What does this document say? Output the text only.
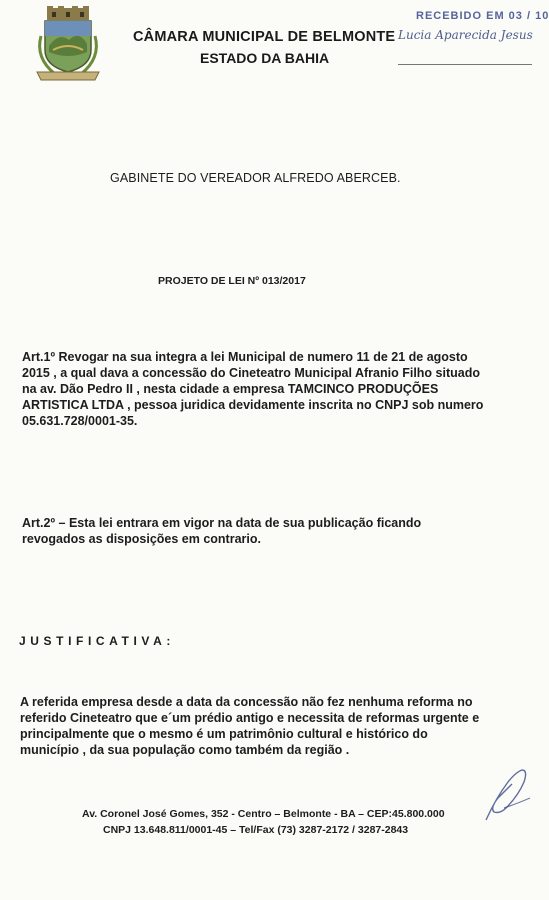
CÂMARA MUNICIPAL DE BELMONTE
ESTADO DA BAHIA
RECEBIDO EM 03 / 10
Lucia Aparecida Jesus
GABINETE DO VEREADOR ALFREDO ABERCEB.
PROJETO DE LEI Nº 013/2017
Art.1º Revogar na sua integra a lei Municipal de numero 11 de 21 de agosto
2015 , a qual dava a concessão do Cineteatro Municipal Afranio Filho situado
na av. Dão Pedro II , nesta cidade a empresa TAMCINCO PRODUÇÕES
ARTISTICA LTDA , pessoa juridica devidamente inscrita no CNPJ sob numero
05.631.728/0001-35.
Art.2º – Esta lei entrara em vigor na data de sua publicação ficando
revogados as disposições em contrario.
JUSTIFICATIVA:
A referida empresa desde a data da concessão não fez nenhuma reforma no
referido Cineteatro que e´um prédio antigo e necessita de reformas urgente e
principalmente que o mesmo é um patrimônio cultural e histórico do
município , da sua população como também da região .
Av. Coronel José Gomes, 352 - Centro – Belmonte - BA – CEP:45.800.000
CNPJ 13.648.811/0001-45 – Tel/Fax (73) 3287-2172 / 3287-2843
